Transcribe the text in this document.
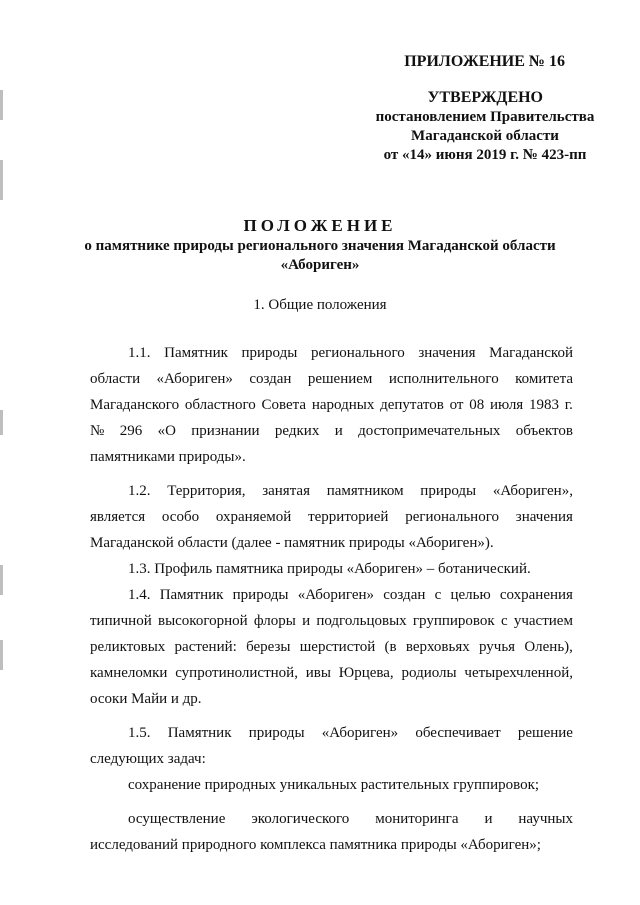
ПРИЛОЖЕНИЕ № 16
УТВЕРЖДЕНО
постановлением Правительства
Магаданской области
от «14» июня 2019 г. № 423-пп
ПОЛОЖЕНИЕ
о памятнике природы регионального значения Магаданской области
«Абориген»
1. Общие положения
1.1. Памятник природы регионального значения Магаданской
области «Абориген» создан решением исполнительного комитета
Магаданского областного Совета народных депутатов от 08 июля 1983 г.
№ 296 «О признании редких и достопримечательных объектов
памятниками природы».
1.2. Территория, занятая памятником природы «Абориген»,
является особо охраняемой территорией регионального значения
Магаданской области (далее - памятник природы «Абориген»).
1.3. Профиль памятника природы «Абориген» – ботанический.
1.4. Памятник природы «Абориген» создан с целью сохранения
типичной высокогорной флоры и подгольцовых группировок с участием
реликтовых растений: березы шерстистой (в верховьях ручья Олень),
камнеломки супротинолистной, ивы Юрцева, родиолы четырехчленной,
осоки Майи и др.
1.5. Памятник природы «Абориген» обеспечивает решение
следующих задач:
сохранение природных уникальных растительных группировок;
осуществление экологического мониторинга и научных
исследований природного комплекса памятника природы «Абориген»;
